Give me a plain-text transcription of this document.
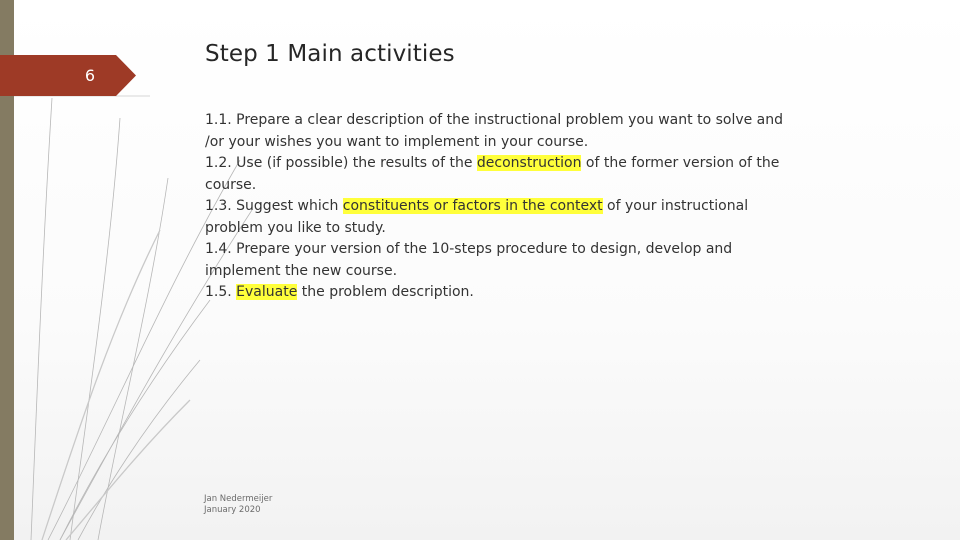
6
Step 1 Main activities

1.1. Prepare a clear description of the instructional problem you want to solve and

/or your wishes you want to implement in your course.

1.2. Use (if possible) the results of the deconstruction of the former version of the

course.

1.3. Suggest which constituents or factors in the context of your instructional

problem you like to study.

1.4. Prepare your version of the 10-steps procedure to design, develop and

implement the new course.

1.5. Evaluate the problem description.

Jan Nedermeijer
January 2020
